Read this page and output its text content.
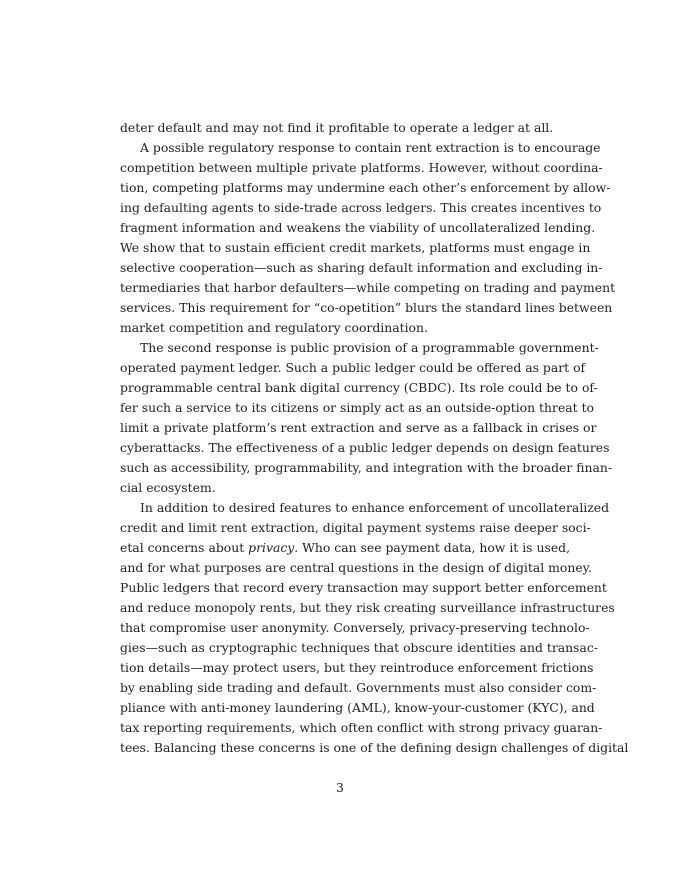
deter default and may not find it profitable to operate a ledger at all.
A possible regulatory response to contain rent extraction is to encourage
competition between multiple private platforms. However, without coordina-
tion, competing platforms may undermine each other’s enforcement by allow-
ing defaulting agents to side-trade across ledgers. This creates incentives to
fragment information and weakens the viability of uncollateralized lending.
We show that to sustain efficient credit markets, platforms must engage in
selective cooperation—such as sharing default information and excluding in-
termediaries that harbor defaulters—while competing on trading and payment
services. This requirement for “co-opetition” blurs the standard lines between
market competition and regulatory coordination.
The second response is public provision of a programmable government-
operated payment ledger. Such a public ledger could be offered as part of
programmable central bank digital currency (CBDC). Its role could be to of-
fer such a service to its citizens or simply act as an outside-option threat to
limit a private platform’s rent extraction and serve as a fallback in crises or
cyberattacks. The effectiveness of a public ledger depends on design features
such as accessibility, programmability, and integration with the broader finan-
cial ecosystem.
In addition to desired features to enhance enforcement of uncollateralized
credit and limit rent extraction, digital payment systems raise deeper soci-
etal concerns about privacy. Who can see payment data, how it is used,
and for what purposes are central questions in the design of digital money.
Public ledgers that record every transaction may support better enforcement
and reduce monopoly rents, but they risk creating surveillance infrastructures
that compromise user anonymity. Conversely, privacy-preserving technolo-
gies—such as cryptographic techniques that obscure identities and transac-
tion details—may protect users, but they reintroduce enforcement frictions
by enabling side trading and default. Governments must also consider com-
pliance with anti-money laundering (AML), know-your-customer (KYC), and
tax reporting requirements, which often conflict with strong privacy guaran-
tees. Balancing these concerns is one of the defining design challenges of digital
3
